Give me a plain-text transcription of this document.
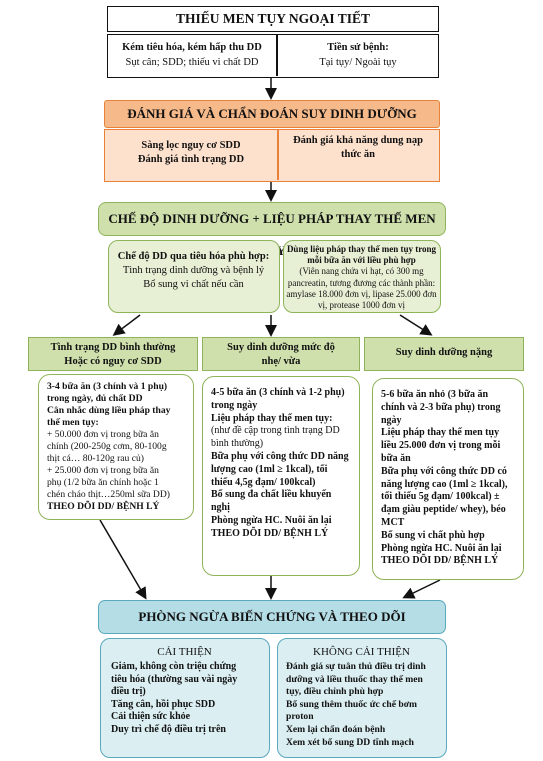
THIẾU MEN TỤY NGOẠI TIẾT
Kém tiêu hóa, kém hấp thu DD
Sụt cân; SDD; thiếu vi chất DD
Tiền sử bệnh:
Tại tụy/ Ngoài tụy
ĐÁNH GIÁ VÀ CHẨN ĐOÁN SUY DINH DƯỠNG
Sàng lọc nguy cơ SDD
Đánh giá tình trạng DD
Đánh giá khả năng dung nạp
thức ăn
CHẾ ĐỘ DINH DƯỠNG + LIỆU PHÁP THAY THẾ MEN
Chế độ DD qua tiêu hóa phù hợp:
Tình trạng dinh dưỡng và bệnh lý
Bổ sung vi chất nếu cần
Dùng liệu pháp thay thế men tụy trong
mỗi bữa ăn với liều phù hợp
(Viên nang chứa vi hạt, có 300 mg
pancreatin, tương đương các thành phần:
amylase 18.000 đơn vị, lipase 25.000 đơn
vị, protease 1000 đơn vị
Tình trạng DD bình thường
Hoặc có nguy cơ SDD
Suy dinh dưỡng mức độ
nhẹ/ vừa
Suy dinh dưỡng nặng
3-4 bữa ăn (3 chính và 1 phụ)
trong ngày, đủ chất DD
Cân nhắc dùng liều pháp thay
thế men tụy:
+ 50.000 đơn vị trong bữa ăn
chính (200-250g cơm, 80-100g
thịt cá… 80-120g rau củ)
+ 25.000 đơn vị trong bữa ăn
phụ (1/2 bữa ăn chính hoặc 1
chén cháo thịt…250ml sữa DD)
THEO DÕI DD/ BỆNH LÝ
4-5 bữa ăn (3 chính và 1-2 phụ)
trong ngày
Liệu pháp thay thế men tụy:
(như đề cập trong tình trạng DD
bình thường)
Bữa phụ với công thức DD năng
lượng cao (1ml ≥ 1kcal), tối
thiểu 4,5g đạm/ 100kcal)
Bổ sung đa chất liều khuyến
nghị
Phòng ngừa HC. Nuôi ăn lại
THEO DÕI DD/ BỆNH LÝ
5-6 bữa ăn nhỏ (3 bữa ăn
chính và 2-3 bữa phụ) trong
ngày
Liệu pháp thay thế men tụy
liều 25.000 đơn vị trong mỗi
bữa ăn
Bữa phụ với công thức DD có
năng lượng cao (1ml ≥ 1kcal),
tối thiểu 5g đạm/ 100kcal) ±
đạm giàu peptide/ whey), béo
MCT
Bổ sung vi chất phù hợp
Phòng ngừa HC. Nuôi ăn lại
THEO DÕI DD/ BỆNH LÝ
PHÒNG NGỪA BIẾN CHỨNG VÀ THEO DÕI
CẢI THIỆN
Giảm, không còn triệu chứng
tiêu hóa (thường sau vài ngày
điều trị)
Tăng cân, hồi phục SDD
Cải thiện sức khỏe
Duy trì chế độ điều trị trên
KHÔNG CẢI THIỆN
Đánh giá sự tuân thủ điều trị dinh
dưỡng và liều thuốc thay thế men
tụy, điều chỉnh phù hợp
Bổ sung thêm thuốc ức chế bơm
proton
Xem lại chẩn đoán bệnh
Xem xét bổ sung DD tĩnh mạch
